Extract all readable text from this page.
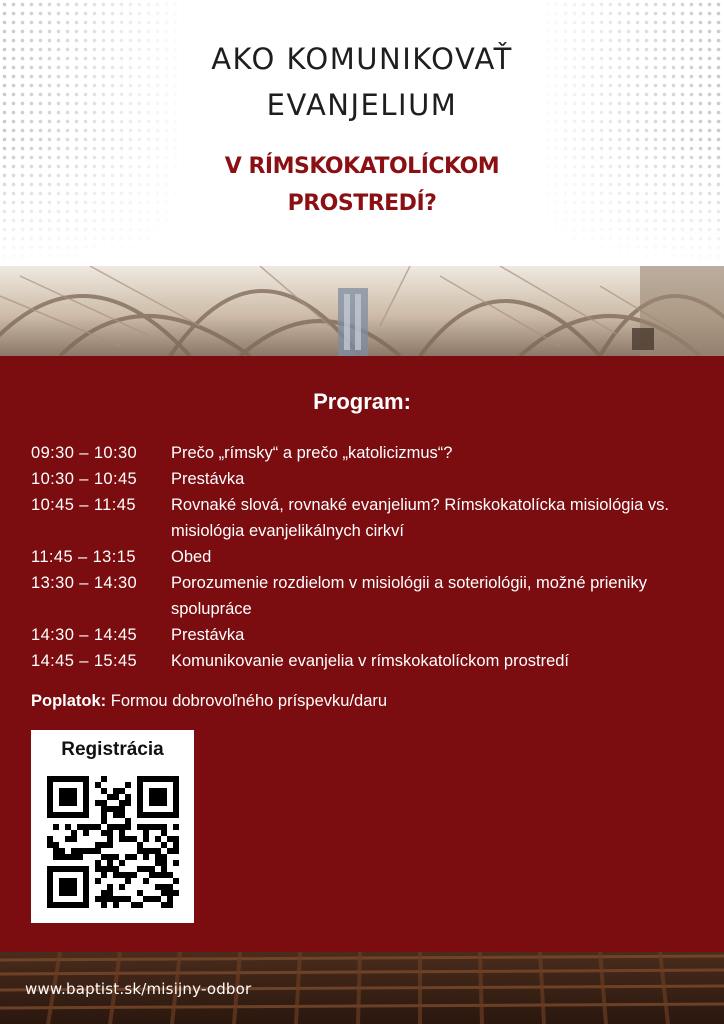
AKO KOMUNIKOVAŤ
EVANJELIUM
V RÍMSKOKATOLÍCKOM
PROSTREDÍ?
Program:
09:30 – 10:30	Prečo „rímsky“ a prečo „katolicizmus“?
10:30 – 10:45	Prestávka
10:45 – 11:45	Rovnaké slová, rovnaké evanjelium? Rímskokatolícka misiológia vs. misiológia evanjelikálnych cirkví
11:45 – 13:15	Obed
13:30 – 14:30	Porozumenie rozdielom v misiológii a soteriológii, možné prieniky spolupráce
14:30 – 14:45	Prestávka
14:45 – 15:45	Komunikovanie evanjelia v rímskokatolíckom prostredí
Poplatok: Formou dobrovoľného príspevku/daru
Registrácia
www.baptist.sk/misijny-odbor
